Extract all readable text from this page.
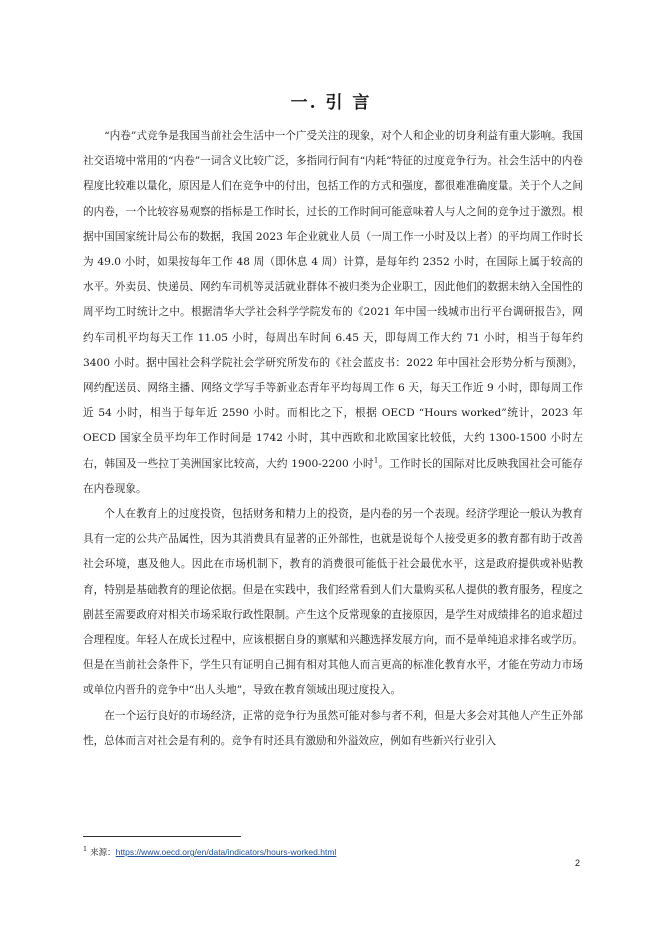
一. 引 言

“内卷”式竞争是我国当前社会生活中一个广受关注的现象，对个人和企业的切身利益有重大影响。我国社交语境中常用的“内卷”一词含义比较广泛，多指同行间有“内耗”特征的过度竞争行为。社会生活中的内卷程度比较难以量化，原因是人们在竞争中的付出，包括工作的方式和强度，都很难准确度量。关于个人之间的内卷，一个比较容易观察的指标是工作时长，过长的工作时间可能意味着人与人之间的竞争过于激烈。根据中国国家统计局公布的数据，我国 2023 年企业就业人员（一周工作一小时及以上者）的平均周工作时长为 49.0 小时，如果按每年工作 48 周（即休息 4 周）计算，是每年约 2352 小时，在国际上属于较高的水平。外卖员、快递员、网约车司机等灵活就业群体不被归类为企业职工，因此他们的数据未纳入全国性的周平均工时统计之中。根据清华大学社会科学学院发布的《2021 年中国一线城市出行平台调研报告》，网约车司机平均每天工作 11.05 小时，每周出车时间 6.45 天，即每周工作大约 71 小时，相当于每年约 3400 小时。据中国社会科学院社会学研究所发布的《社会蓝皮书：2022 年中国社会形势分析与预测》，网约配送员、网络主播、网络文学写手等新业态青年平均每周工作 6 天，每天工作近 9 小时，即每周工作近 54 小时，相当于每年近 2590 小时。而相比之下，根据 OECD “Hours worked”统计，2023 年 OECD 国家全员平均年工作时间是 1742 小时，其中西欧和北欧国家比较低，大约 1300-1500 小时左右，韩国及一些拉丁美洲国家比较高，大约 1900-2200 小时$^1$。工作时长的国际对比反映我国社会可能存在内卷现象。

个人在教育上的过度投资，包括财务和精力上的投资，是内卷的另一个表现。经济学理论一般认为教育具有一定的公共产品属性，因为其消费具有显著的正外部性，也就是说每个人接受更多的教育都有助于改善社会环境，惠及他人。因此在市场机制下，教育的消费很可能低于社会最优水平，这是政府提供或补贴教育，特别是基础教育的理论依据。但是在实践中，我们经常看到人们大量购买私人提供的教育服务，程度之剧甚至需要政府对相关市场采取行政性限制。产生这个反常现象的直接原因，是学生对成绩排名的追求超过合理程度。年轻人在成长过程中，应该根据自身的禀赋和兴趣选择发展方向，而不是单纯追求排名或学历。但是在当前社会条件下，学生只有证明自己拥有相对其他人而言更高的标准化教育水平，才能在劳动力市场或单位内晋升的竞争中“出人头地”，导致在教育领域出现过度投入。

在一个运行良好的市场经济，正常的竞争行为虽然可能对参与者不利，但是大多会对其他人产生正外部性，总体而言对社会是有利的。竞争有时还具有激励和外溢效应，例如有些新兴行业引入

$^1$ 来源：https://www.oecd.org/en/data/indicators/hours-worked.html

2
